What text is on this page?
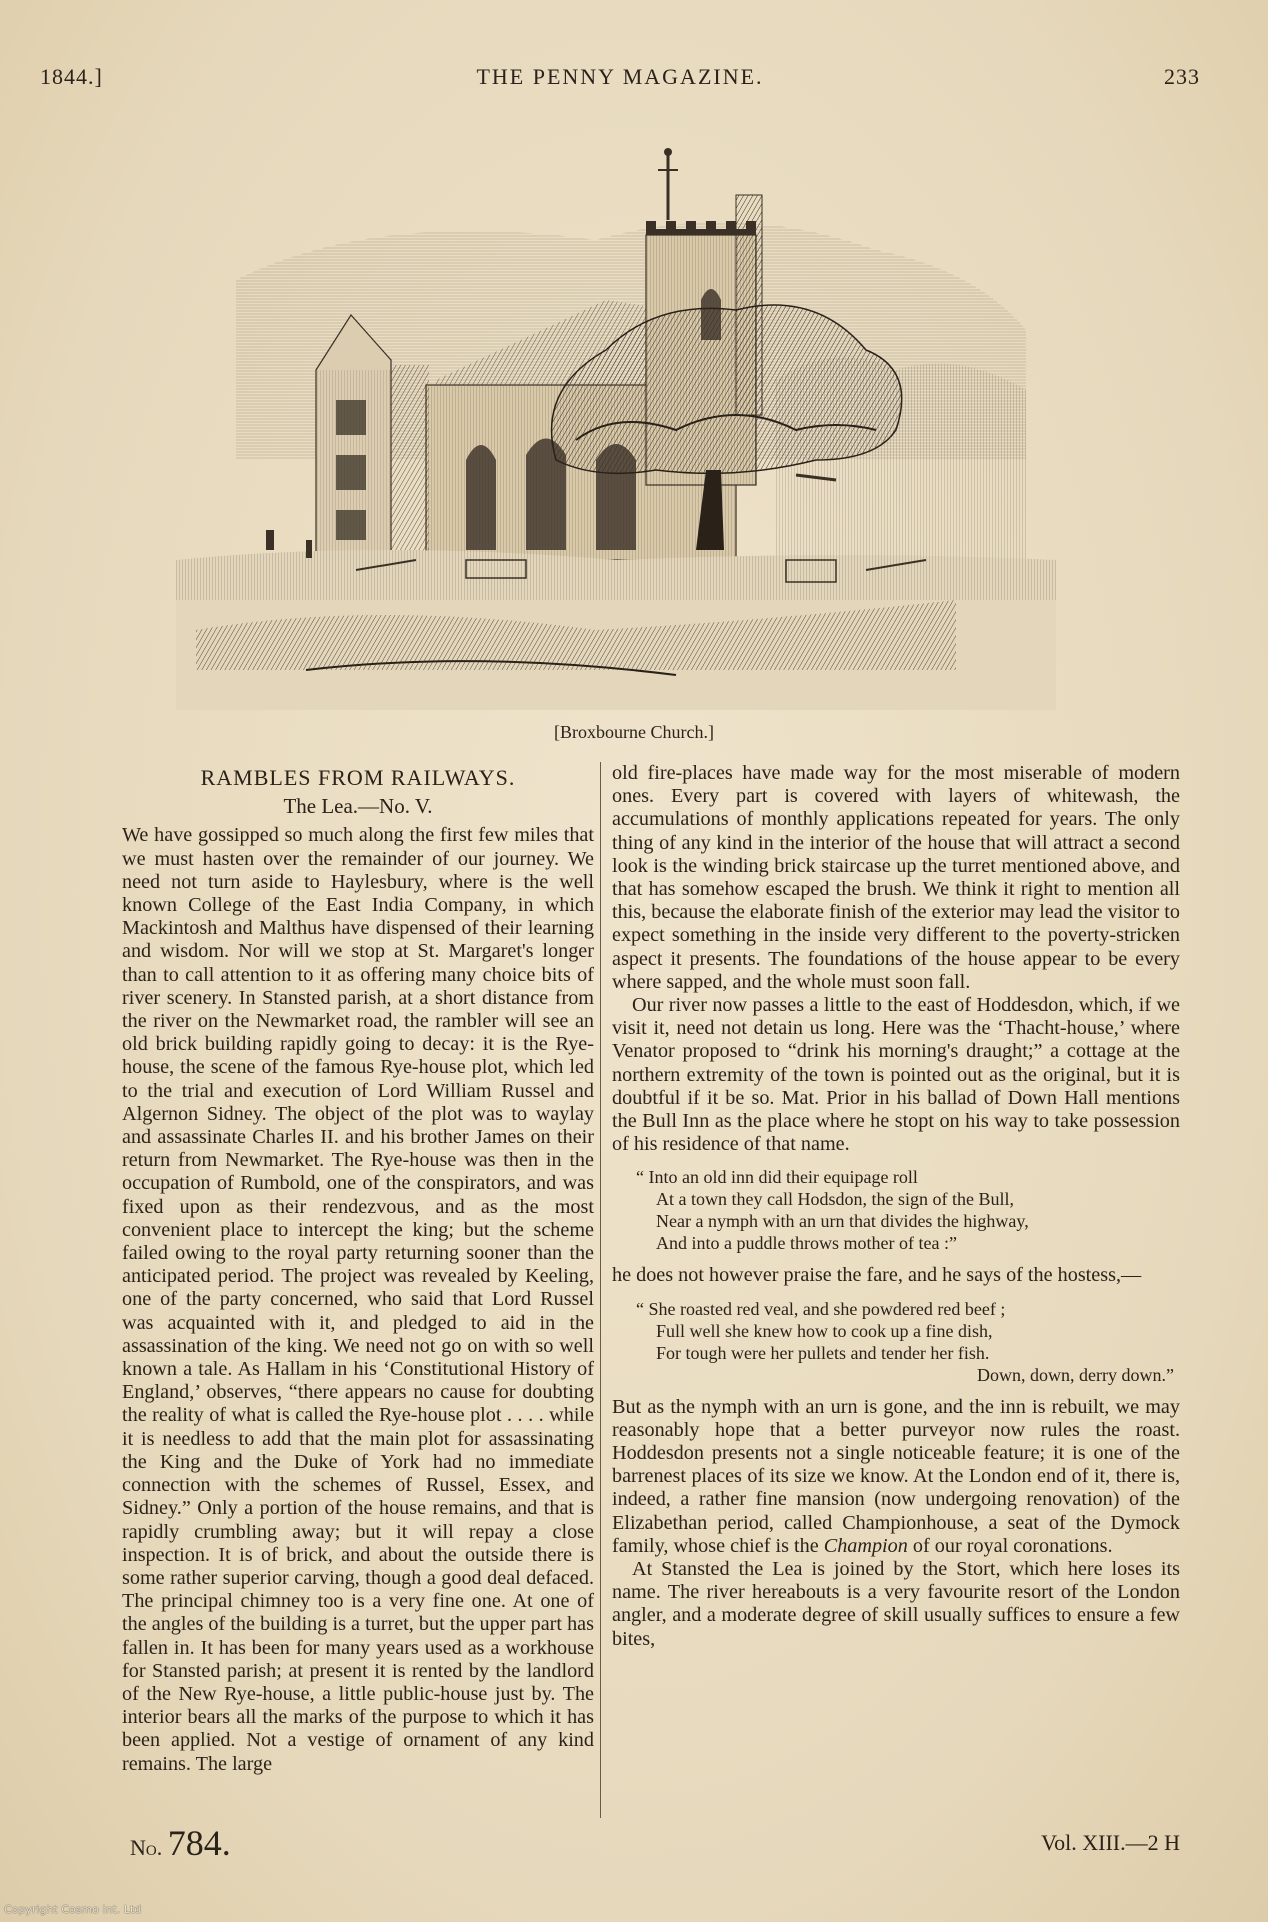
1844.]	THE PENNY MAGAZINE.	233
[Broxbourne Church.]
RAMBLES FROM RAILWAYS.
The Lea.—No. V.

We have gossipped so much along the first few miles that we must hasten over the remainder of our journey. We need not turn aside to Haylesbury, where is the well known College of the East India Company, in which Mackintosh and Malthus have dispensed of their learning and wisdom. Nor will we stop at St. Margaret's longer than to call attention to it as offering many choice bits of river scenery. In Stansted parish, at a short distance from the river on the Newmarket road, the rambler will see an old brick building rapidly going to decay: it is the Rye-house, the scene of the famous Rye-house plot, which led to the trial and execution of Lord William Russel and Algernon Sidney. The object of the plot was to waylay and assassinate Charles II. and his brother James on their return from Newmarket. The Rye-house was then in the occupation of Rumbold, one of the conspirators, and was fixed upon as their rendezvous, and as the most convenient place to intercept the king; but the scheme failed owing to the royal party returning sooner than the anticipated period. The project was revealed by Keeling, one of the party concerned, who said that Lord Russel was acquainted with it, and pledged to aid in the assassination of the king. We need not go on with so well known a tale. As Hallam in his ‘Constitutional History of England,’ observes, “there appears no cause for doubting the reality of what is called the Rye-house plot . . . . while it is needless to add that the main plot for assassinating the King and the Duke of York had no immediate connection with the schemes of Russel, Essex, and Sidney.” Only a portion of the house remains, and that is rapidly crumbling away; but it will repay a close inspection. It is of brick, and about the outside there is some rather superior carving, though a good deal defaced. The principal chimney too is a very fine one. At one of the angles of the building is a turret, but the upper part has fallen in. It has been for many years used as a workhouse for Stansted parish; at present it is rented by the landlord of the New Rye-house, a little public-house just by. The interior bears all the marks of the purpose to which it has been applied. Not a vestige of ornament of any kind remains. The large

old fire-places have made way for the most miserable of modern ones. Every part is covered with layers of whitewash, the accumulations of monthly applications repeated for years. The only thing of any kind in the interior of the house that will attract a second look is the winding brick staircase up the turret mentioned above, and that has somehow escaped the brush. We think it right to mention all this, because the elaborate finish of the exterior may lead the visitor to expect something in the inside very different to the poverty-stricken aspect it presents. The foundations of the house appear to be every where sapped, and the whole must soon fall.

Our river now passes a little to the east of Hoddesdon, which, if we visit it, need not detain us long. Here was the ‘Thacht-house,’ where Venator proposed to “drink his morning's draught;” a cottage at the northern extremity of the town is pointed out as the original, but it is doubtful if it be so. Mat. Prior in his ballad of Down Hall mentions the Bull Inn as the place where he stopt on his way to take possession of his residence of that name.

“ Into an old inn did their equipage roll
At a town they call Hodsdon, the sign of the Bull,
Near a nymph with an urn that divides the highway,
And into a puddle throws mother of tea :”

he does not however praise the fare, and he says of the hostess,—

“ She roasted red veal, and she powdered red beef ;
Full well she knew how to cook up a fine dish,
For tough were her pullets and tender her fish.
Down, down, derry down.”

But as the nymph with an urn is gone, and the inn is rebuilt, we may reasonably hope that a better purveyor now rules the roast. Hoddesdon presents not a single noticeable feature; it is one of the barrenest places of its size we know. At the London end of it, there is, indeed, a rather fine mansion (now undergoing renovation) of the Elizabethan period, called Championhouse, a seat of the Dymock family, whose chief is the Champion of our royal coronations.

At Stansted the Lea is joined by the Stort, which here loses its name. The river hereabouts is a very favourite resort of the London angler, and a moderate degree of skill usually suffices to ensure a few bites,

No. 784.	Vol. XIII.—2 H
Copyright Cosmo Int. Ltd
